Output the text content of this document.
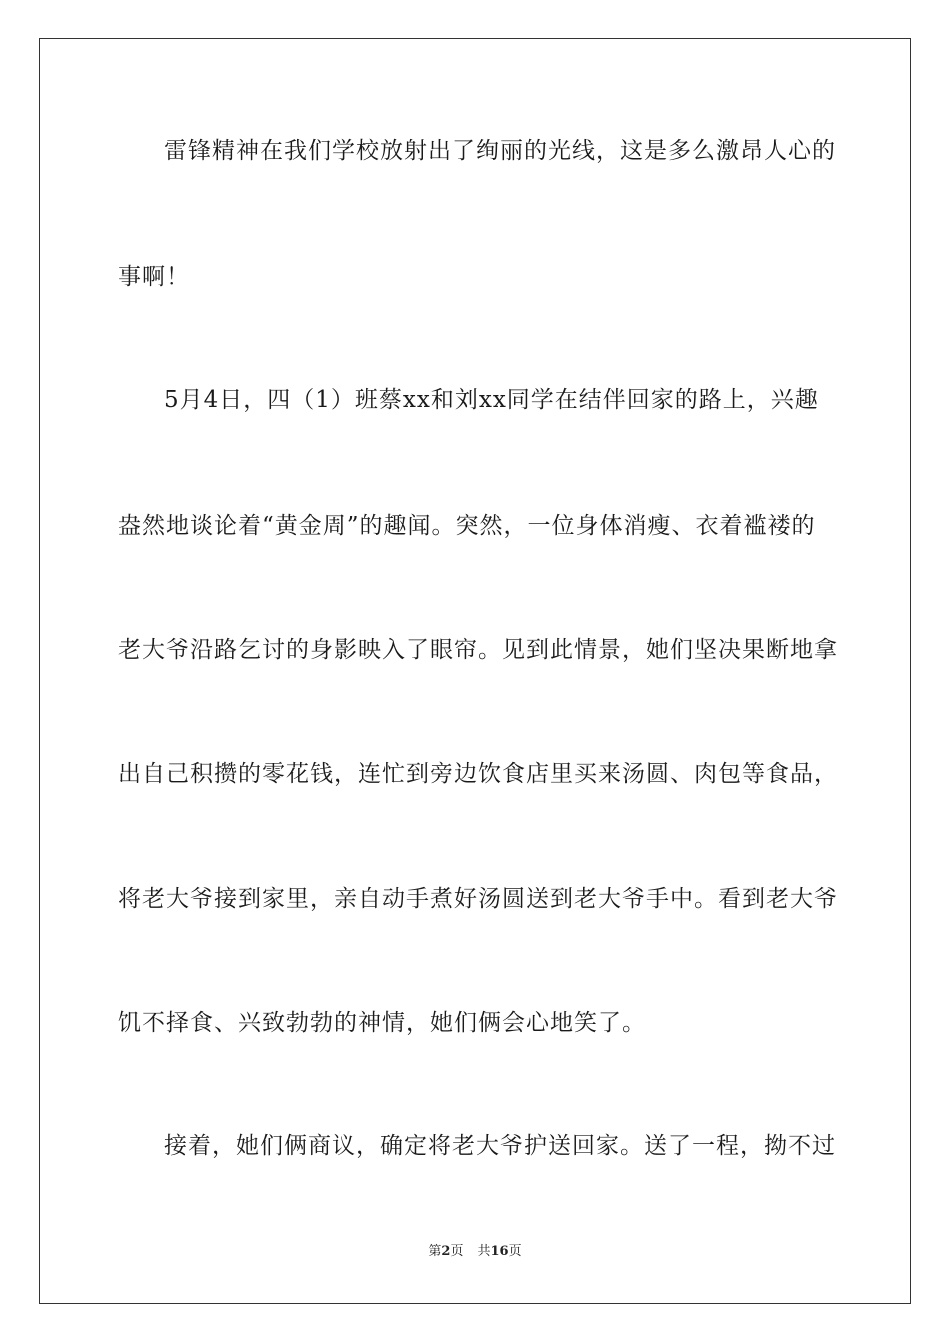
雷锋精神在我们学校放射出了绚丽的光线，这是多么激昂人心的
事啊！
5月4日，四（1）班蔡xx和刘xx同学在结伴回家的路上，兴趣
盎然地谈论着“黄金周”的趣闻。突然，一位身体消瘦、衣着褴褛的
老大爷沿路乞讨的身影映入了眼帘。见到此情景，她们坚决果断地拿
出自己积攒的零花钱，连忙到旁边饮食店里买来汤圆、肉包等食品，
将老大爷接到家里，亲自动手煮好汤圆送到老大爷手中。看到老大爷
饥不择食、兴致勃勃的神情，她们俩会心地笑了。
接着，她们俩商议，确定将老大爷护送回家。送了一程，拗不过
第2页 共16页
